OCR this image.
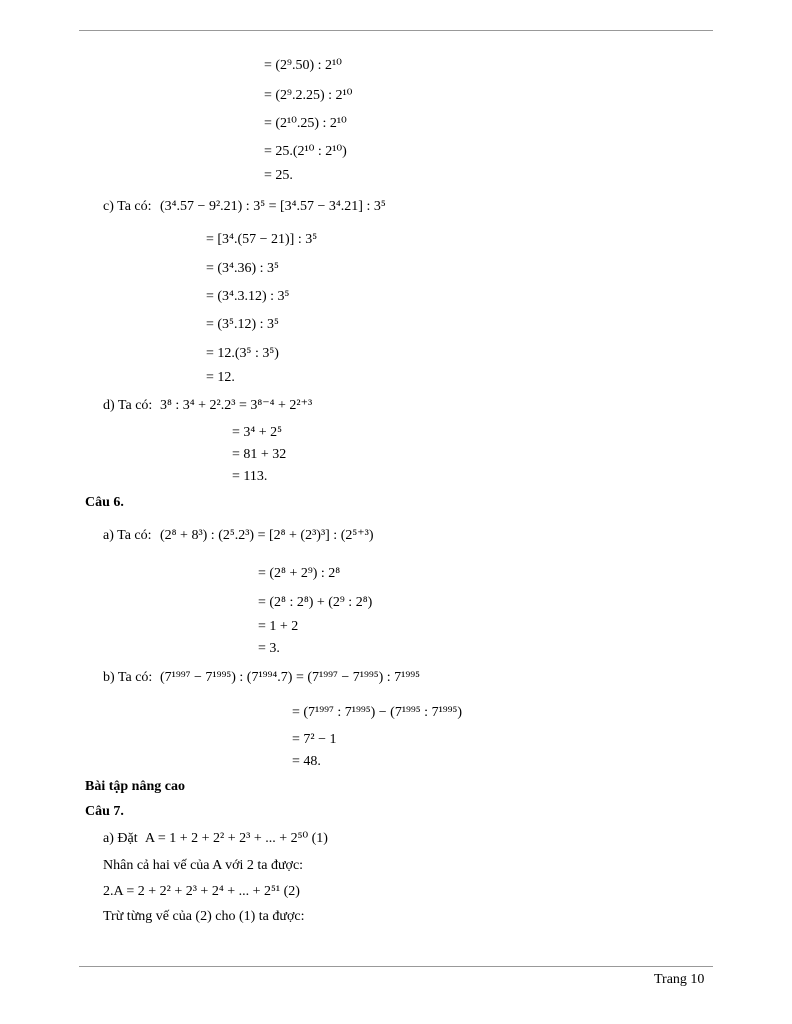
= (2⁹.50) : 2¹⁰
= (2⁹.2.25) : 2¹⁰
= (2¹⁰.25) : 2¹⁰
= 25.(2¹⁰ : 2¹⁰)
= 25.
c) Ta có: (3⁴.57 − 9².21) : 3⁵ = [3⁴.57 − 3⁴.21] : 3⁵
= [3⁴.(57 − 21)] : 3⁵
= (3⁴.36) : 3⁵
= (3⁴.3.12) : 3⁵
= (3⁵.12) : 3⁵
= 12.(3⁵ : 3⁵)
= 12.
d) Ta có: 3⁸ : 3⁴ + 2².2³ = 3⁸⁻⁴ + 2²⁺³
= 3⁴ + 2⁵
= 81 + 32
= 113.
Câu 6.
a) Ta có: (2⁸ + 8³) : (2⁵.2³) = [2⁸ + (2³)³] : (2⁵⁺³)
= (2⁸ + 2⁹) : 2⁸
= (2⁸ : 2⁸) + (2⁹ : 2⁸)
= 1 + 2
= 3.
b) Ta có: (7¹⁹⁹⁷ − 7¹⁹⁹⁵) : (7¹⁹⁹⁴.7) = (7¹⁹⁹⁷ − 7¹⁹⁹⁵) : 7¹⁹⁹⁵
= (7¹⁹⁹⁷ : 7¹⁹⁹⁵) − (7¹⁹⁹⁵ : 7¹⁹⁹⁵)
= 7² − 1
= 48.
Bài tập nâng cao
Câu 7.
a) Đặt A = 1 + 2 + 2² + 2³ + ... + 2⁵⁰ (1)
Nhân cả hai vế của A với 2 ta được:
2.A = 2 + 2² + 2³ + 2⁴ + ... + 2⁵¹ (2)
Trừ từng vế của (2) cho (1) ta được:
Trang 10
